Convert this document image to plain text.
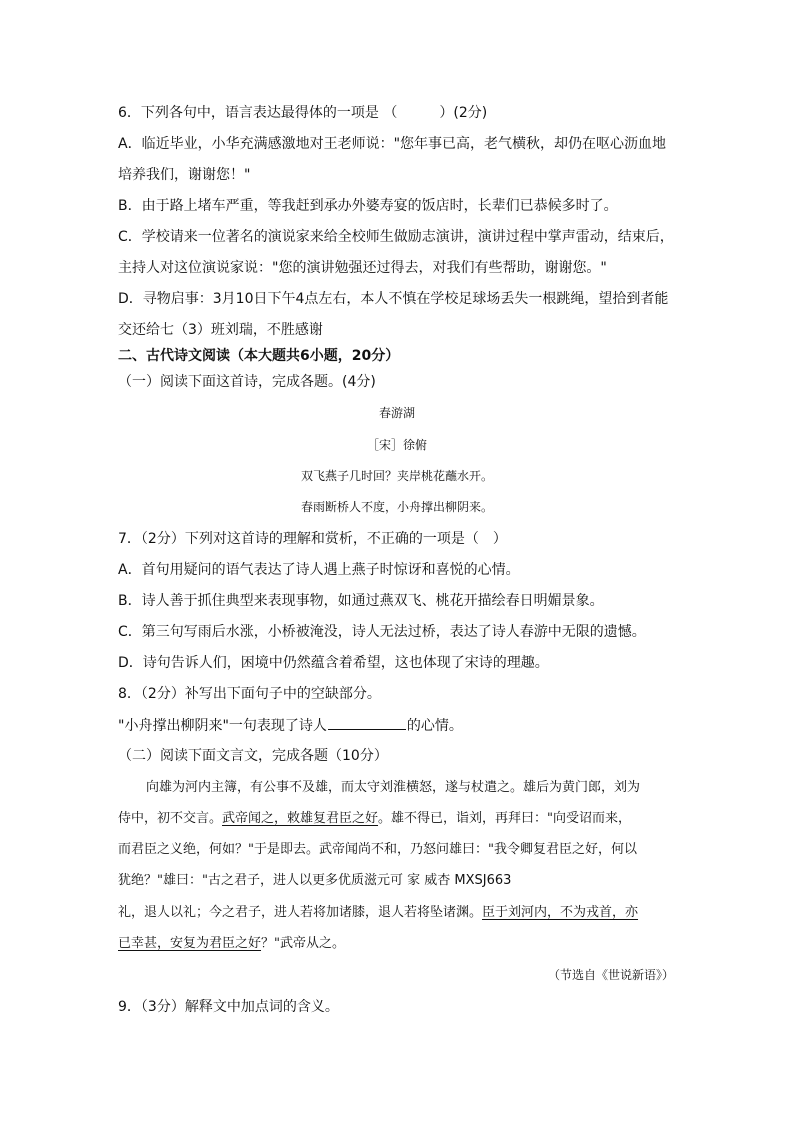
6．下列各句中，语言表达最得体的一项是 （　　　）(2分)
A．临近毕业，小华充满感激地对王老师说："您年事已高，老气横秋，却仍在呕心沥血地
培养我们，谢谢您！"
B．由于路上堵车严重，等我赶到承办外婆寿宴的饭店时，长辈们已恭候多时了。
C．学校请来一位著名的演说家来给全校师生做励志演讲，演讲过程中掌声雷动，结束后，
主持人对这位演说家说："您的演讲勉强还过得去，对我们有些帮助，谢谢您。"
D．寻物启事：3月10日下午4点左右，本人不慎在学校足球场丢失一根跳绳，望拾到者能
交还给七（3）班刘瑞，不胜感谢
二、古代诗文阅读（本大题共6小题，20分）
（一）阅读下面这首诗，完成各题。(4分)
春游湖
［宋］徐俯
双飞燕子几时回？夹岸桃花蘸水开。
春雨断桥人不度，小舟撑出柳阴来。
7．（2分）下列对这首诗的理解和赏析，不正确的一项是（　）
A．首句用疑问的语气表达了诗人遇上燕子时惊讶和喜悦的心情。
B．诗人善于抓住典型来表现事物，如通过燕双飞、桃花开描绘春日明媚景象。
C．第三句写雨后水涨，小桥被淹没，诗人无法过桥，表达了诗人春游中无限的遗憾。
D．诗句告诉人们，困境中仍然蕴含着希望，这也体现了宋诗的理趣。
8．（2分）补写出下面句子中的空缺部分。
"小舟撑出柳阴来"一句表现了诗人	的心情。
（二）阅读下面文言文，完成各题（10分）
向雄为河内主簿，有公事不及雄，而太守刘淮横怒，遂与杖遣之。雄后为黄门郎，刘为
侍中，初不交言。武帝闻之，敕雄复君臣之好。雄不得已，诣刘，再拜曰："向受诏而来，
而君臣之义绝，何如？"于是即去。武帝闻尚不和，乃怒问雄曰："我令卿复君臣之好，何以
犹绝？"雄曰："古之君子，进人以更多优质滋元可 家 威杏 MXSJ663
礼，退人以礼；今之君子，进人若将加诸膝，退人若将坠诸渊。臣于刘河内，不为戎首，亦
已幸甚，安复为君臣之好？"武帝从之。
（节选自《世说新语》）
9．（3分）解释文中加点词的含义。
